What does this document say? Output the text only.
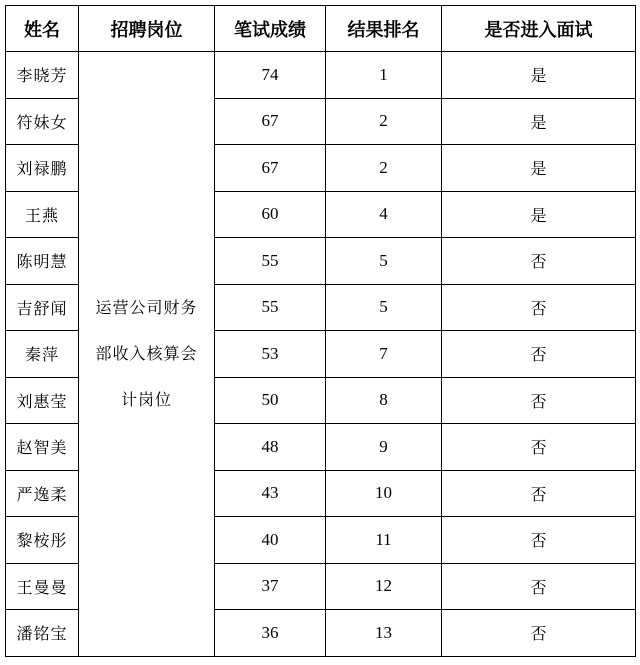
姓名	招聘岗位	笔试成绩	结果排名	是否进入面试
李晓芳	运营公司财务部收入核算会计岗位	74	1	是
符妹女		67	2	是
刘禄鹏		67	2	是
王燕		60	4	是
陈明慧		55	5	否
吉舒闻		55	5	否
秦萍		53	7	否
刘惠莹		50	8	否
赵智美		48	9	否
严逸柔		43	10	否
黎桉彤		40	11	否
王曼曼		37	12	否
潘铭宝		36	13	否
